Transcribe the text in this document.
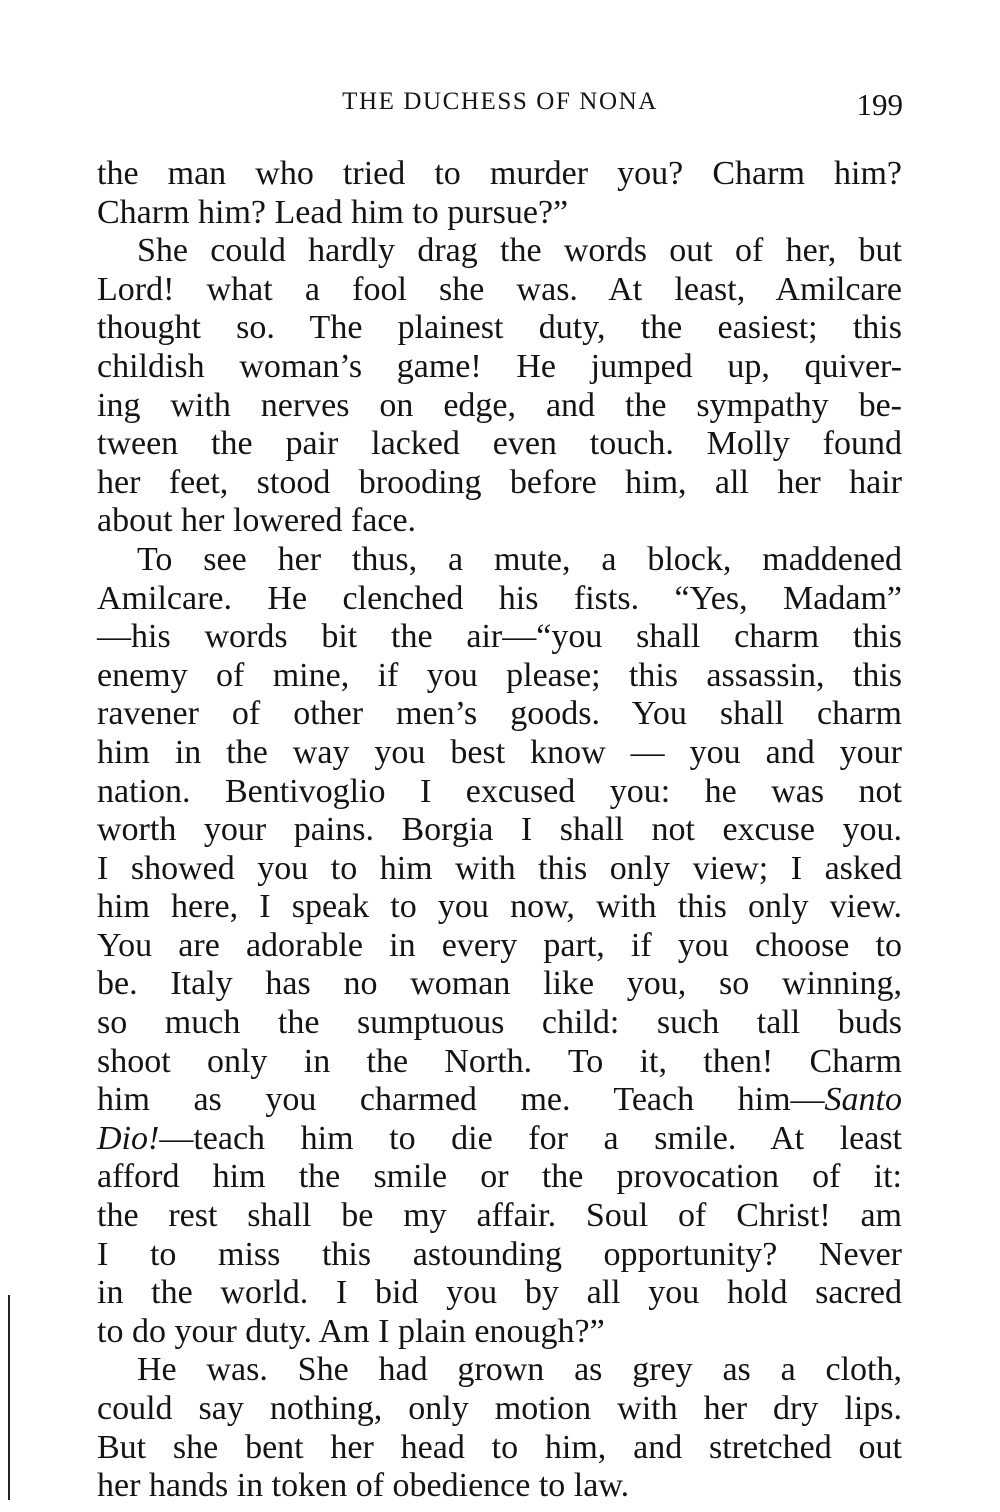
THE DUCHESS OF NONA	199
the man who tried to murder you? Charm him?
Charm him? Lead him to pursue?”
She could hardly drag the words out of her, but
Lord! what a fool she was. At least, Amilcare
thought so. The plainest duty, the easiest; this
childish woman’s game! He jumped up, quiver-
ing with nerves on edge, and the sympathy be-
tween the pair lacked even touch. Molly found
her feet, stood brooding before him, all her hair
about her lowered face.
To see her thus, a mute, a block, maddened
Amilcare. He clenched his fists. “Yes, Madam”
—his words bit the air—“you shall charm this
enemy of mine, if you please; this assassin, this
ravener of other men’s goods. You shall charm
him in the way you best know — you and your
nation. Bentivoglio I excused you: he was not
worth your pains. Borgia I shall not excuse you.
I showed you to him with this only view; I asked
him here, I speak to you now, with this only view.
You are adorable in every part, if you choose to
be. Italy has no woman like you, so winning,
so much the sumptuous child: such tall buds
shoot only in the North. To it, then! Charm
him as you charmed me. Teach him—Santo
Dio!—teach him to die for a smile. At least
afford him the smile or the provocation of it:
the rest shall be my affair. Soul of Christ! am
I to miss this astounding opportunity? Never
in the world. I bid you by all you hold sacred
to do your duty. Am I plain enough?”
He was. She had grown as grey as a cloth,
could say nothing, only motion with her dry lips.
But she bent her head to him, and stretched out
her hands in token of obedience to law.
